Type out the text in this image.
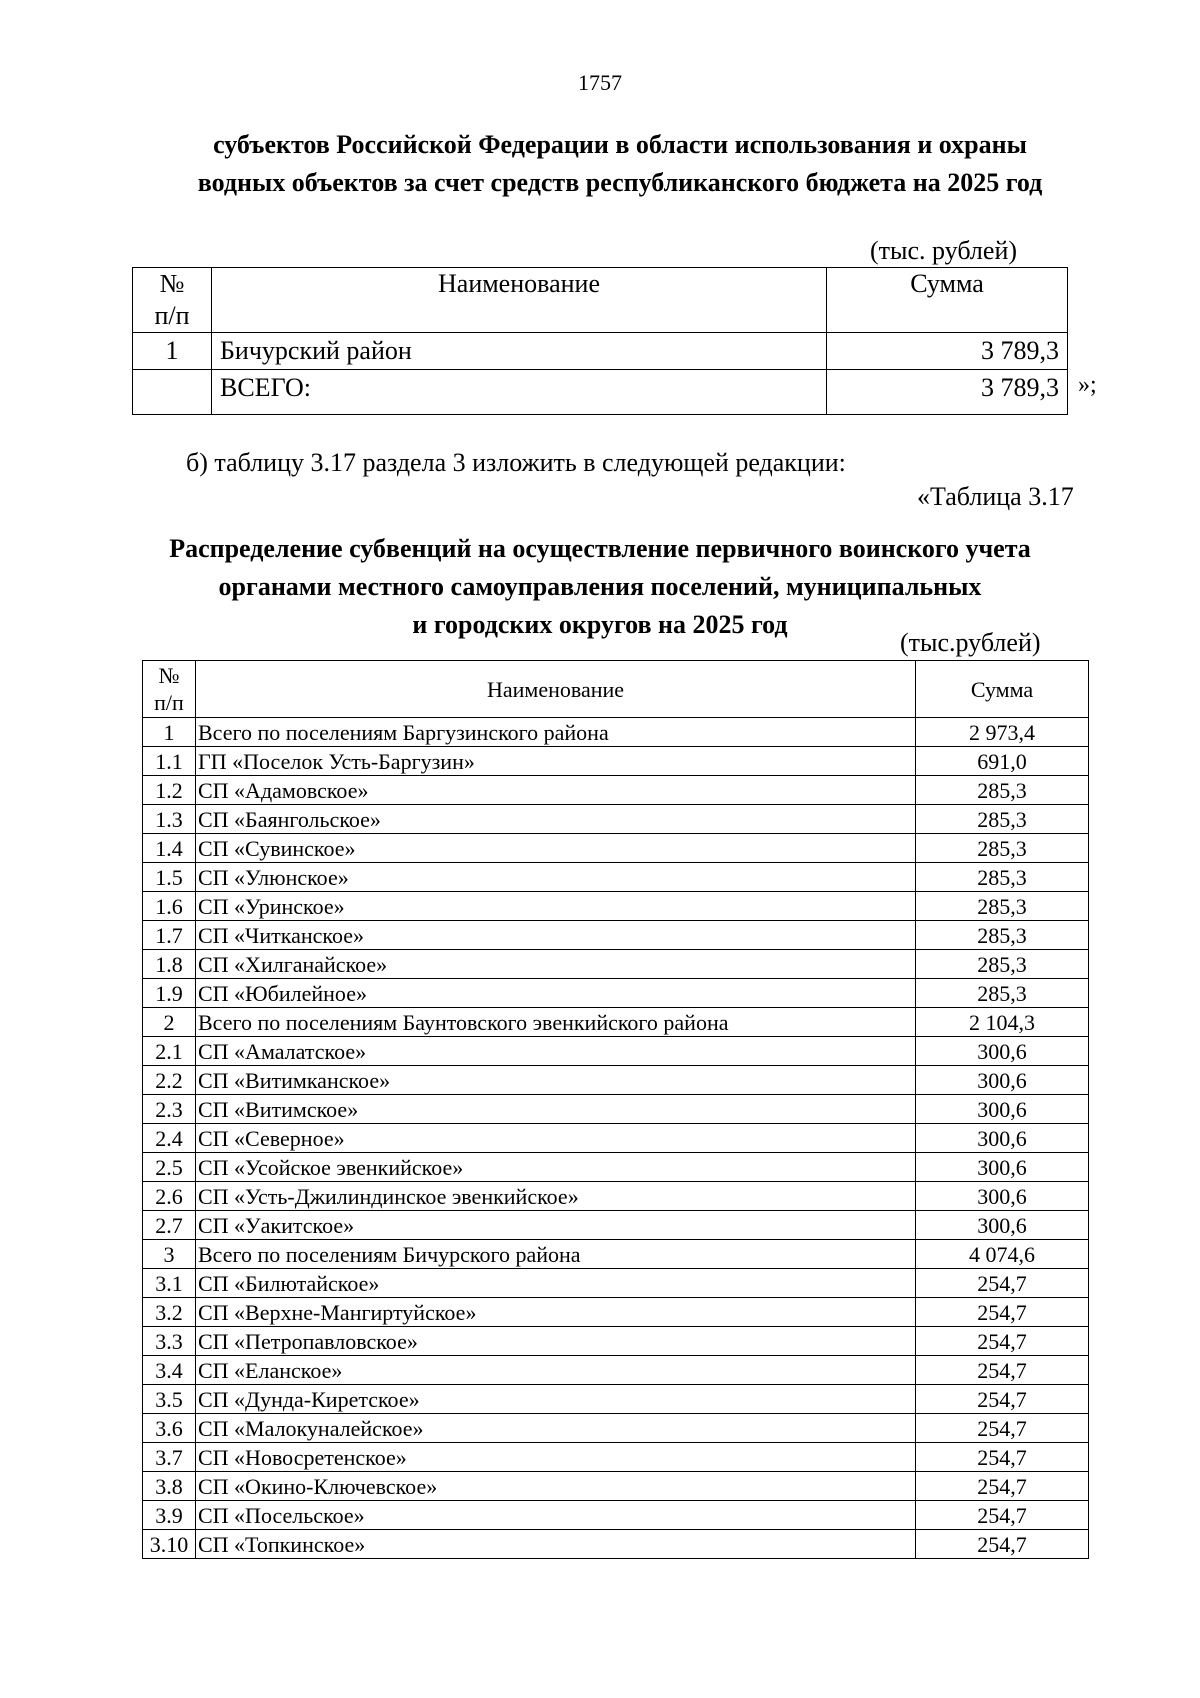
1757
субъектов Российской Федерации в области использования и охраны
водных объектов за счет средств республиканского бюджета на 2025 год
(тыс. рублей)
№
п/п	Наименование	Сумма
1	Бичурский район	3 789,3
	ВСЕГО:	3 789,3 »;
б) таблицу 3.17 раздела 3 изложить в следующей редакции:
«Таблица 3.17
Распределение субвенций на осуществление первичного воинского учета
органами местного самоуправления поселений, муниципальных
и городских округов на 2025 год
(тыс.рублей)
№
п/п	Наименование	Сумма
1	Всего по поселениям Баргузинского района	2 973,4
1.1	ГП «Поселок Усть-Баргузин»	691,0
1.2	СП «Адамовское»	285,3
1.3	СП «Баянгольское»	285,3
1.4	СП «Сувинское»	285,3
1.5	СП «Улюнское»	285,3
1.6	СП «Уринское»	285,3
1.7	СП «Читканское»	285,3
1.8	СП «Хилганайское»	285,3
1.9	СП «Юбилейное»	285,3
2	Всего по поселениям Баунтовского эвенкийского района	2 104,3
2.1	СП «Амалатское»	300,6
2.2	СП «Витимканское»	300,6
2.3	СП «Витимское»	300,6
2.4	СП «Северное»	300,6
2.5	СП «Усойское эвенкийское»	300,6
2.6	СП «Усть-Джилиндинское эвенкийское»	300,6
2.7	СП «Уакитское»	300,6
3	Всего по поселениям Бичурского района	4 074,6
3.1	СП «Билютайское»	254,7
3.2	СП «Верхне-Мангиртуйское»	254,7
3.3	СП «Петропавловское»	254,7
3.4	СП «Еланское»	254,7
3.5	СП «Дунда-Киретское»	254,7
3.6	СП «Малокуналейское»	254,7
3.7	СП «Новосретенское»	254,7
3.8	СП «Окино-Ключевское»	254,7
3.9	СП «Посельское»	254,7
3.10	СП «Топкинское»	254,7
